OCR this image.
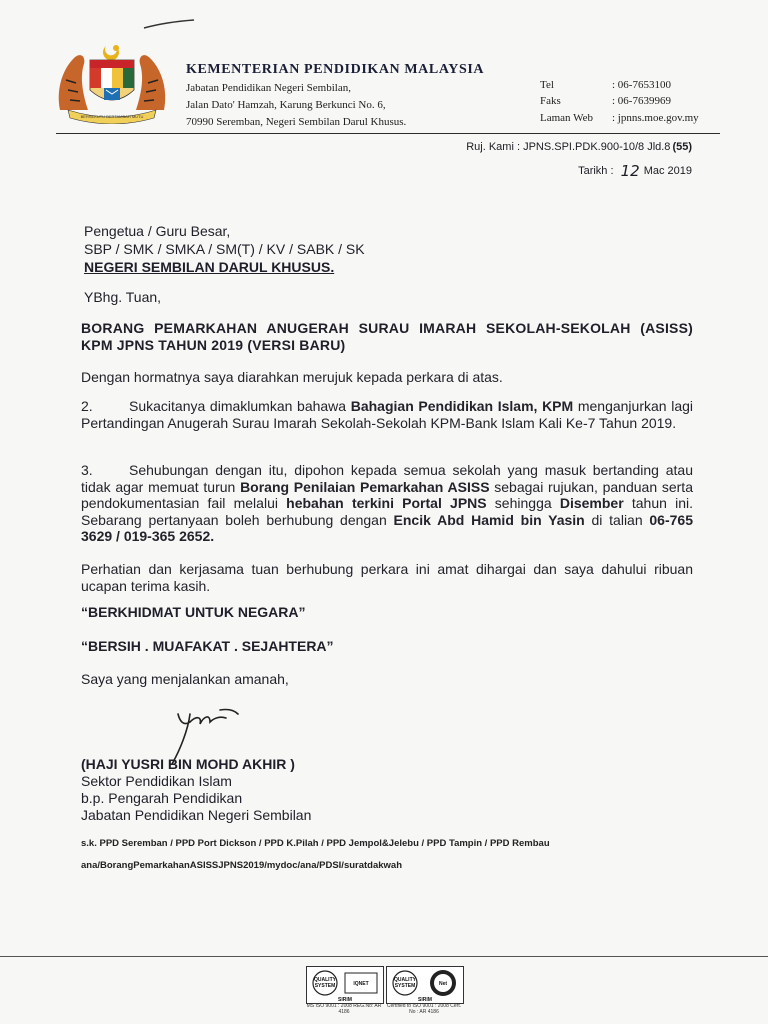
BERSEKUTU BERTAMBAH MUTU
KEMENTERIAN PENDIDIKAN MALAYSIA
Jabatan Pendidikan Negeri Sembilan,
Jalan Dato' Hamzah, Karung Berkunci No. 6,
70990 Seremban, Negeri Sembilan Darul Khusus.
Tel	: 06-7653100
Faks	: 06-7639969
Laman Web : jpnns.moe.gov.my
Ruj. Kami : JPNS.SPI.PDK.900-10/8 Jld.8 (55)
Tarikh : 12 Mac 2019
Pengetua / Guru Besar,
SBP / SMK / SMKA / SM(T) / KV / SABK / SK
NEGERI SEMBILAN DARUL KHUSUS.
YBhg. Tuan,
BORANG PEMARKAHAN ANUGERAH SURAU IMARAH SEKOLAH-SEKOLAH (ASISS) KPM JPNS TAHUN 2019 (VERSI BARU)
Dengan hormatnya saya diarahkan merujuk kepada perkara di atas.
2.	Sukacitanya dimaklumkan bahawa Bahagian Pendidikan Islam, KPM menganjurkan lagi Pertandingan Anugerah Surau Imarah Sekolah-Sekolah KPM-Bank Islam Kali Ke-7 Tahun 2019.
3.	Sehubungan dengan itu, dipohon kepada semua sekolah yang masuk bertanding atau tidak agar memuat turun Borang Penilaian Pemarkahan ASISS sebagai rujukan, panduan serta pendokumentasian fail melalui hebahan terkini Portal JPNS sehingga Disember tahun ini. Sebarang pertanyaan boleh berhubung dengan Encik Abd Hamid bin Yasin di talian 06-765 3629 / 019-365 2652.
Perhatian dan kerjasama tuan berhubung perkara ini amat dihargai dan saya dahului ribuan ucapan terima kasih.
“BERKHIDMAT UNTUK NEGARA”
“BERSIH . MUAFAKAT . SEJAHTERA”
Saya yang menjalankan amanah,
(HAJI YUSRI BIN MOHD AKHIR )
Sektor Pendidikan Islam
b.p. Pengarah Pendidikan
Jabatan Pendidikan Negeri Sembilan
s.k. PPD Seremban / PPD Port Dickson / PPD K.Pilah / PPD Jempol&Jelebu / PPD Tampin / PPD Rembau
ana/BorangPemarkahanASISSJPNS2019/mydoc/ana/PDSI/suratdakwah
QUALITY
SYSTEM	IQNET
SIRIM
MS ISO 9001 : 2008 REG.No: AR 4186
QUALITY
SYSTEM	Net
SIRIM
Certified to ISO 9001 : 2008 Cert. No : AR 4186
